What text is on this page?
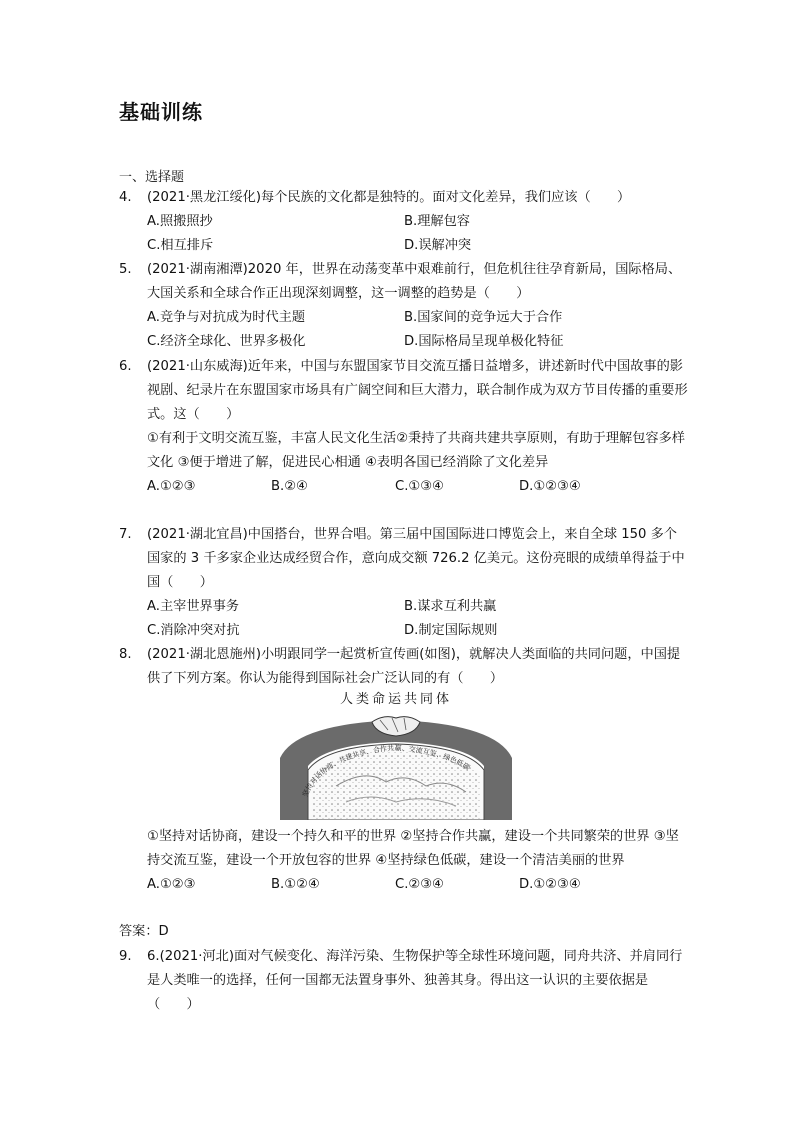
基础训练
一、选择题
4. (2021·黑龙江绥化)每个民族的文化都是独特的。面对文化差异，我们应该（　　）
A.照搬照抄	B.理解包容
C.相互排斥	D.误解冲突
5. (2021·湖南湘潭)2020 年，世界在动荡变革中艰难前行，但危机往往孕育新局，国际格局、大国关系和全球合作正出现深刻调整，这一调整的趋势是（　　）
A.竞争与对抗成为时代主题	B.国家间的竞争远大于合作
C.经济全球化、世界多极化	D.国际格局呈现单极化特征
6. (2021·山东威海)近年来，中国与东盟国家节目交流互播日益增多，讲述新时代中国故事的影视剧、纪录片在东盟国家市场具有广阔空间和巨大潜力，联合制作成为双方节目传播的重要形式。这（　　）
①有利于文明交流互鉴，丰富人民文化生活②秉持了共商共建共享原则，有助于理解包容多样文化 ③便于增进了解，促进民心相通 ④表明各国已经消除了文化差异
A.①②③	B.②④	C.①③④	D.①②③④
7. (2021·湖北宜昌)中国搭台，世界合唱。第三届中国国际进口博览会上，来自全球 150 多个国家的 3 千多家企业达成经贸合作，意向成交额 726.2 亿美元。这份亮眼的成绩单得益于中国（　　）
A.主宰世界事务	B.谋求互利共赢
C.消除冲突对抗	D.制定国际规则
8. (2021·湖北恩施州)小明跟同学一起赏析宣传画(如图)，就解决人类面临的共同问题，中国提供了下列方案。你认为能得到国际社会广泛认同的有（　　）
人类命运共同体
坚持对话协商、共建共享、合作共赢、交流互鉴、绿色低碳
①坚持对话协商，建设一个持久和平的世界 ②坚持合作共赢，建设一个共同繁荣的世界 ③坚持交流互鉴，建设一个开放包容的世界 ④坚持绿色低碳，建设一个清洁美丽的世界
A.①②③	B.①②④	C.②③④	D.①②③④
答案：D
9. 6.(2021·河北)面对气候变化、海洋污染、生物保护等全球性环境问题，同舟共济、并肩同行是人类唯一的选择，任何一国都无法置身事外、独善其身。得出这一认识的主要依据是（　　）
